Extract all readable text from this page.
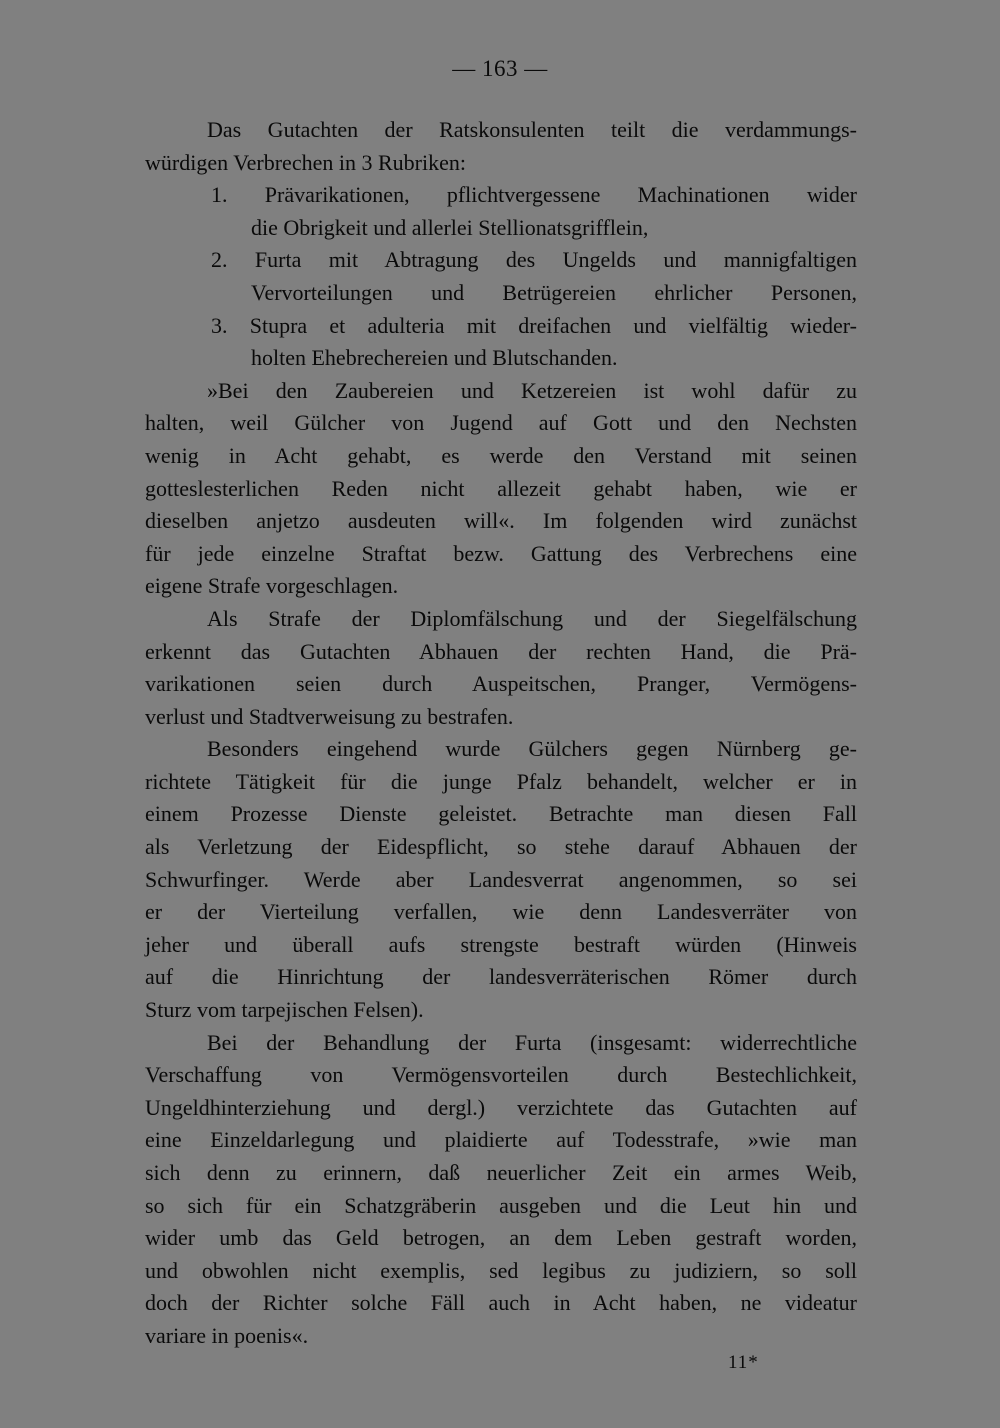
— 163 —
Das Gutachten der Ratskonsulenten teilt die verdammungs-
würdigen Verbrechen in 3 Rubriken:
1. Prävarikationen, pflichtvergessene Machinationen wider
die Obrigkeit und allerlei Stellionatsgrifflein,
2. Furta mit Abtragung des Ungelds und mannigfaltigen
Vervorteilungen und Betrügereien ehrlicher Personen,
3. Stupra et adulteria mit dreifachen und vielfältig wieder-
holten Ehebrechereien und Blutschanden.
»Bei den Zaubereien und Ketzereien ist wohl dafür zu
halten, weil Gülcher von Jugend auf Gott und den Nechsten
wenig in Acht gehabt, es werde den Verstand mit seinen
gotteslesterlichen Reden nicht allezeit gehabt haben, wie er
dieselben anjetzo ausdeuten will«. Im folgenden wird zunächst
für jede einzelne Straftat bezw. Gattung des Verbrechens eine
eigene Strafe vorgeschlagen.
Als Strafe der Diplomfälschung und der Siegelfälschung
erkennt das Gutachten Abhauen der rechten Hand, die Prä-
varikationen seien durch Auspeitschen, Pranger, Vermögens-
verlust und Stadtverweisung zu bestrafen.
Besonders eingehend wurde Gülchers gegen Nürnberg ge-
richtete Tätigkeit für die junge Pfalz behandelt, welcher er in
einem Prozesse Dienste geleistet. Betrachte man diesen Fall
als Verletzung der Eidespflicht, so stehe darauf Abhauen der
Schwurfinger. Werde aber Landesverrat angenommen, so sei
er der Vierteilung verfallen, wie denn Landesverräter von
jeher und überall aufs strengste bestraft würden (Hinweis
auf die Hinrichtung der landesverräterischen Römer durch
Sturz vom tarpejischen Felsen).
Bei der Behandlung der Furta (insgesamt: widerrechtliche
Verschaffung von Vermögensvorteilen durch Bestechlichkeit,
Ungeldhinterziehung und dergl.) verzichtete das Gutachten auf
eine Einzeldarlegung und plaidierte auf Todesstrafe, »wie man
sich denn zu erinnern, daß neuerlicher Zeit ein armes Weib,
so sich für ein Schatzgräberin ausgeben und die Leut hin und
wider umb das Geld betrogen, an dem Leben gestraft worden,
und obwohlen nicht exemplis, sed legibus zu judiziern, so soll
doch der Richter solche Fäll auch in Acht haben, ne videatur
variare in poenis«.
11*
